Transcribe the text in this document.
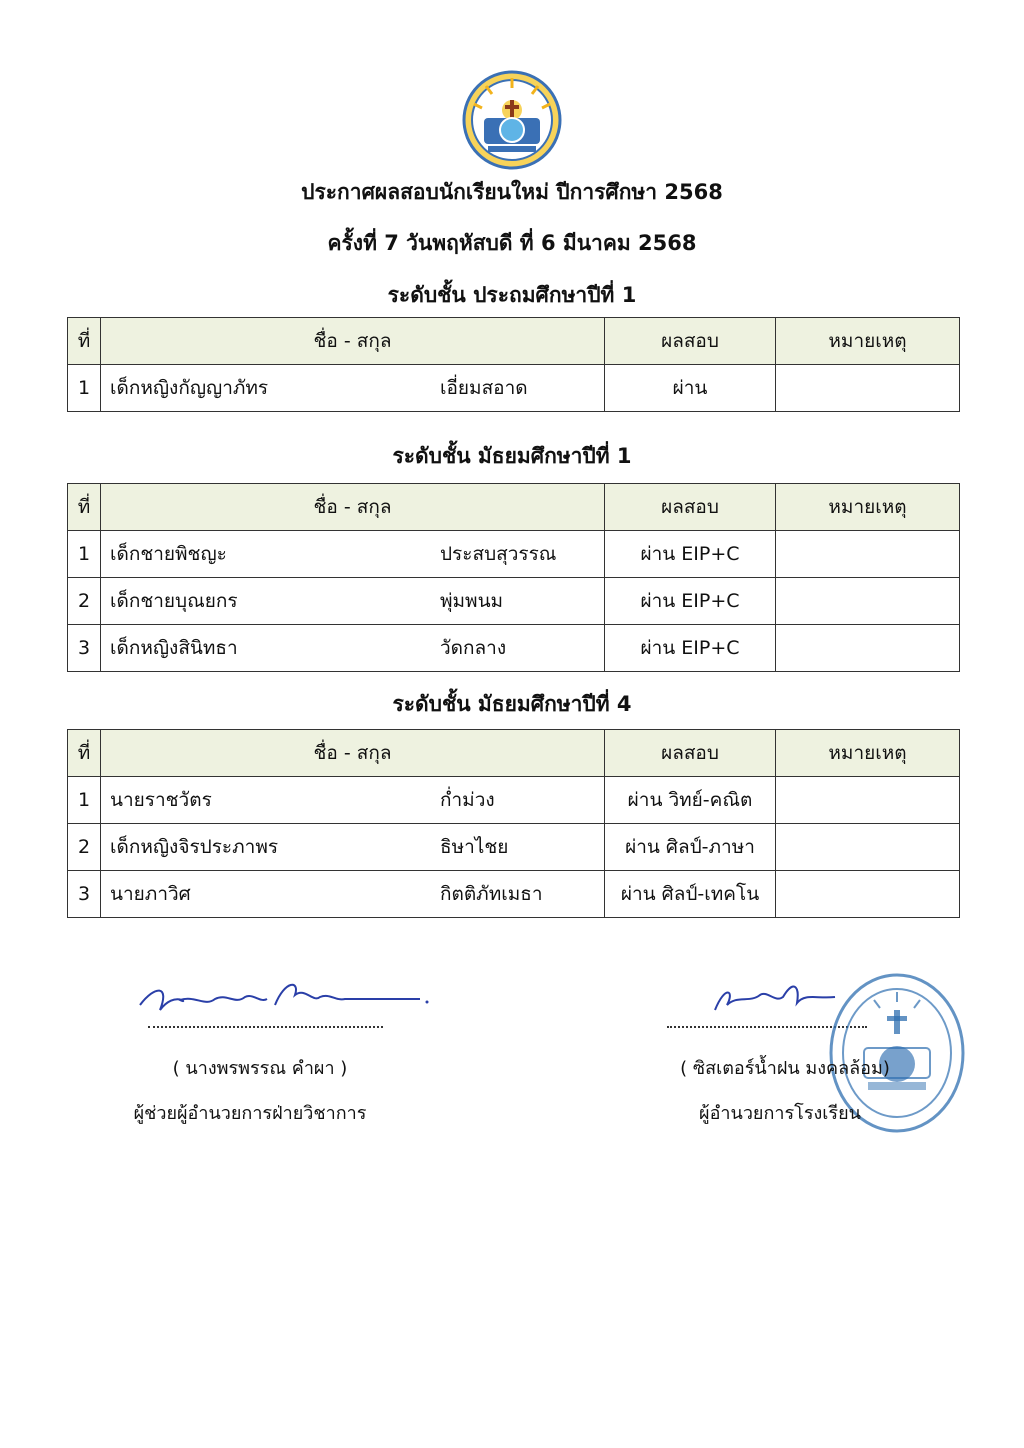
ประกาศผลสอบนักเรียนใหม่ ปีการศึกษา 2568
ครั้งที่ 7 วันพฤหัสบดี ที่ 6 มีนาคม 2568
ระดับชั้น ประถมศึกษาปีที่ 1
ที่	ชื่อ - สกุล	ผลสอบ	หมายเหตุ
1	เด็กหญิงกัญญาภัทร เอี่ยมสอาด	ผ่าน	
ระดับชั้น มัธยมศึกษาปีที่ 1
ที่	ชื่อ - สกุล	ผลสอบ	หมายเหตุ
1	เด็กชายพิชญะ ประสบสุวรรณ	ผ่าน EIP+C	
2	เด็กชายบุณยกร พุ่มพนม	ผ่าน EIP+C	
3	เด็กหญิงสินิทธา วัดกลาง	ผ่าน EIP+C	
ระดับชั้น มัธยมศึกษาปีที่ 4
ที่	ชื่อ - สกุล	ผลสอบ	หมายเหตุ
1	นายราชวัตร ก่ำม่วง	ผ่าน วิทย์-คณิต	
2	เด็กหญิงจิรประภาพร ธิษาไชย	ผ่าน ศิลป์-ภาษา	
3	นายภาวิศ กิตติภัทเมธา	ผ่าน ศิลป์-เทคโน	
( นางพรพรรณ คำผา )
ผู้ช่วยผู้อำนวยการฝ่ายวิชาการ
( ซิสเตอร์น้ำฝน มงคลล้อม)
ผู้อำนวยการโรงเรียน
